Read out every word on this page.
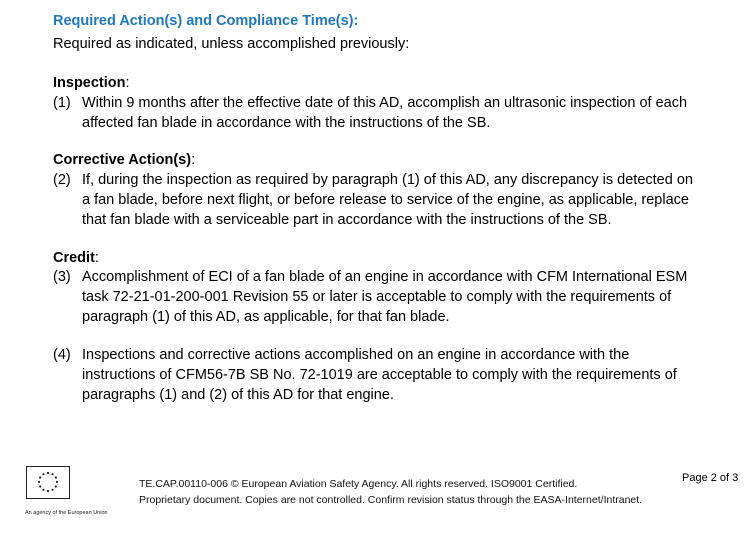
Required Action(s) and Compliance Time(s):
Required as indicated, unless accomplished previously:
Inspection:
(1) Within 9 months after the effective date of this AD, accomplish an ultrasonic inspection of each
affected fan blade in accordance with the instructions of the SB.
Corrective Action(s):
(2) If, during the inspection as required by paragraph (1) of this AD, any discrepancy is detected on
a fan blade, before next flight, or before release to service of the engine, as applicable, replace
that fan blade with a serviceable part in accordance with the instructions of the SB.
Credit:
(3) Accomplishment of ECI of a fan blade of an engine in accordance with CFM International ESM
task 72-21-01-200-001 Revision 55 or later is acceptable to comply with the requirements of
paragraph (1) of this AD, as applicable, for that fan blade.
(4) Inspections and corrective actions accomplished on an engine in accordance with the
instructions of CFM56-7B SB No. 72-1019 are acceptable to comply with the requirements of
paragraphs (1) and (2) of this AD for that engine.
An agency of the European Union
TE.CAP.00110-006 © European Aviation Safety Agency. All rights reserved. ISO9001 Certified.
Proprietary document. Copies are not controlled. Confirm revision status through the EASA-Internet/Intranet.
Page 2 of 3
